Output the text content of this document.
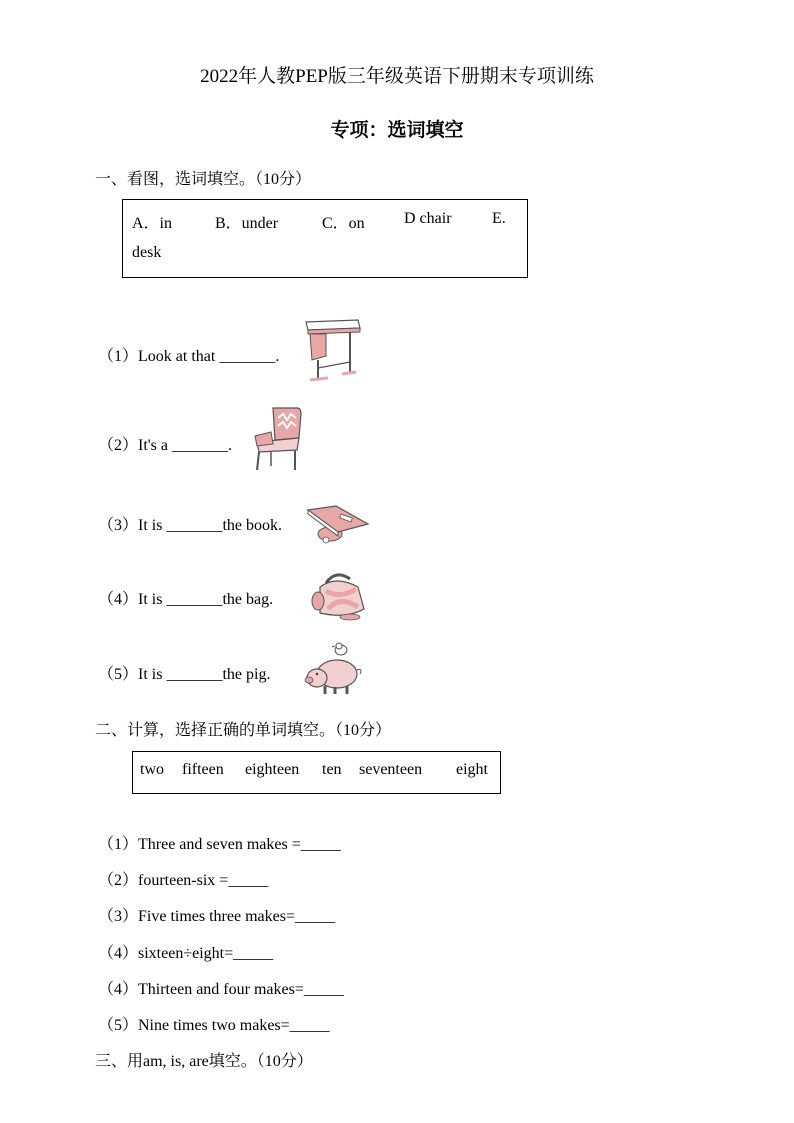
2022年人教PEP版三年级英语下册期末专项训练
专项：选词填空
一、看图，选词填空。（10分）
A．in	B．under	C．on D chair	E.
desk
（1）Look at that _______.
（2）It's a _______.
（3）It is _______the book.
（4）It is _______the bag.
（5）It is _______the pig.
二、计算，选择正确的单词填空。（10分）
two fifteen eighteen ten seventeen eight
（1）Three and seven makes =_____
（2）fourteen-six =_____
（3）Five times three makes=_____
（4）sixteen÷eight=_____
（4）Thirteen and four makes=_____
（5）Nine times two makes=_____
三、用am, is, are填空。（10分）
